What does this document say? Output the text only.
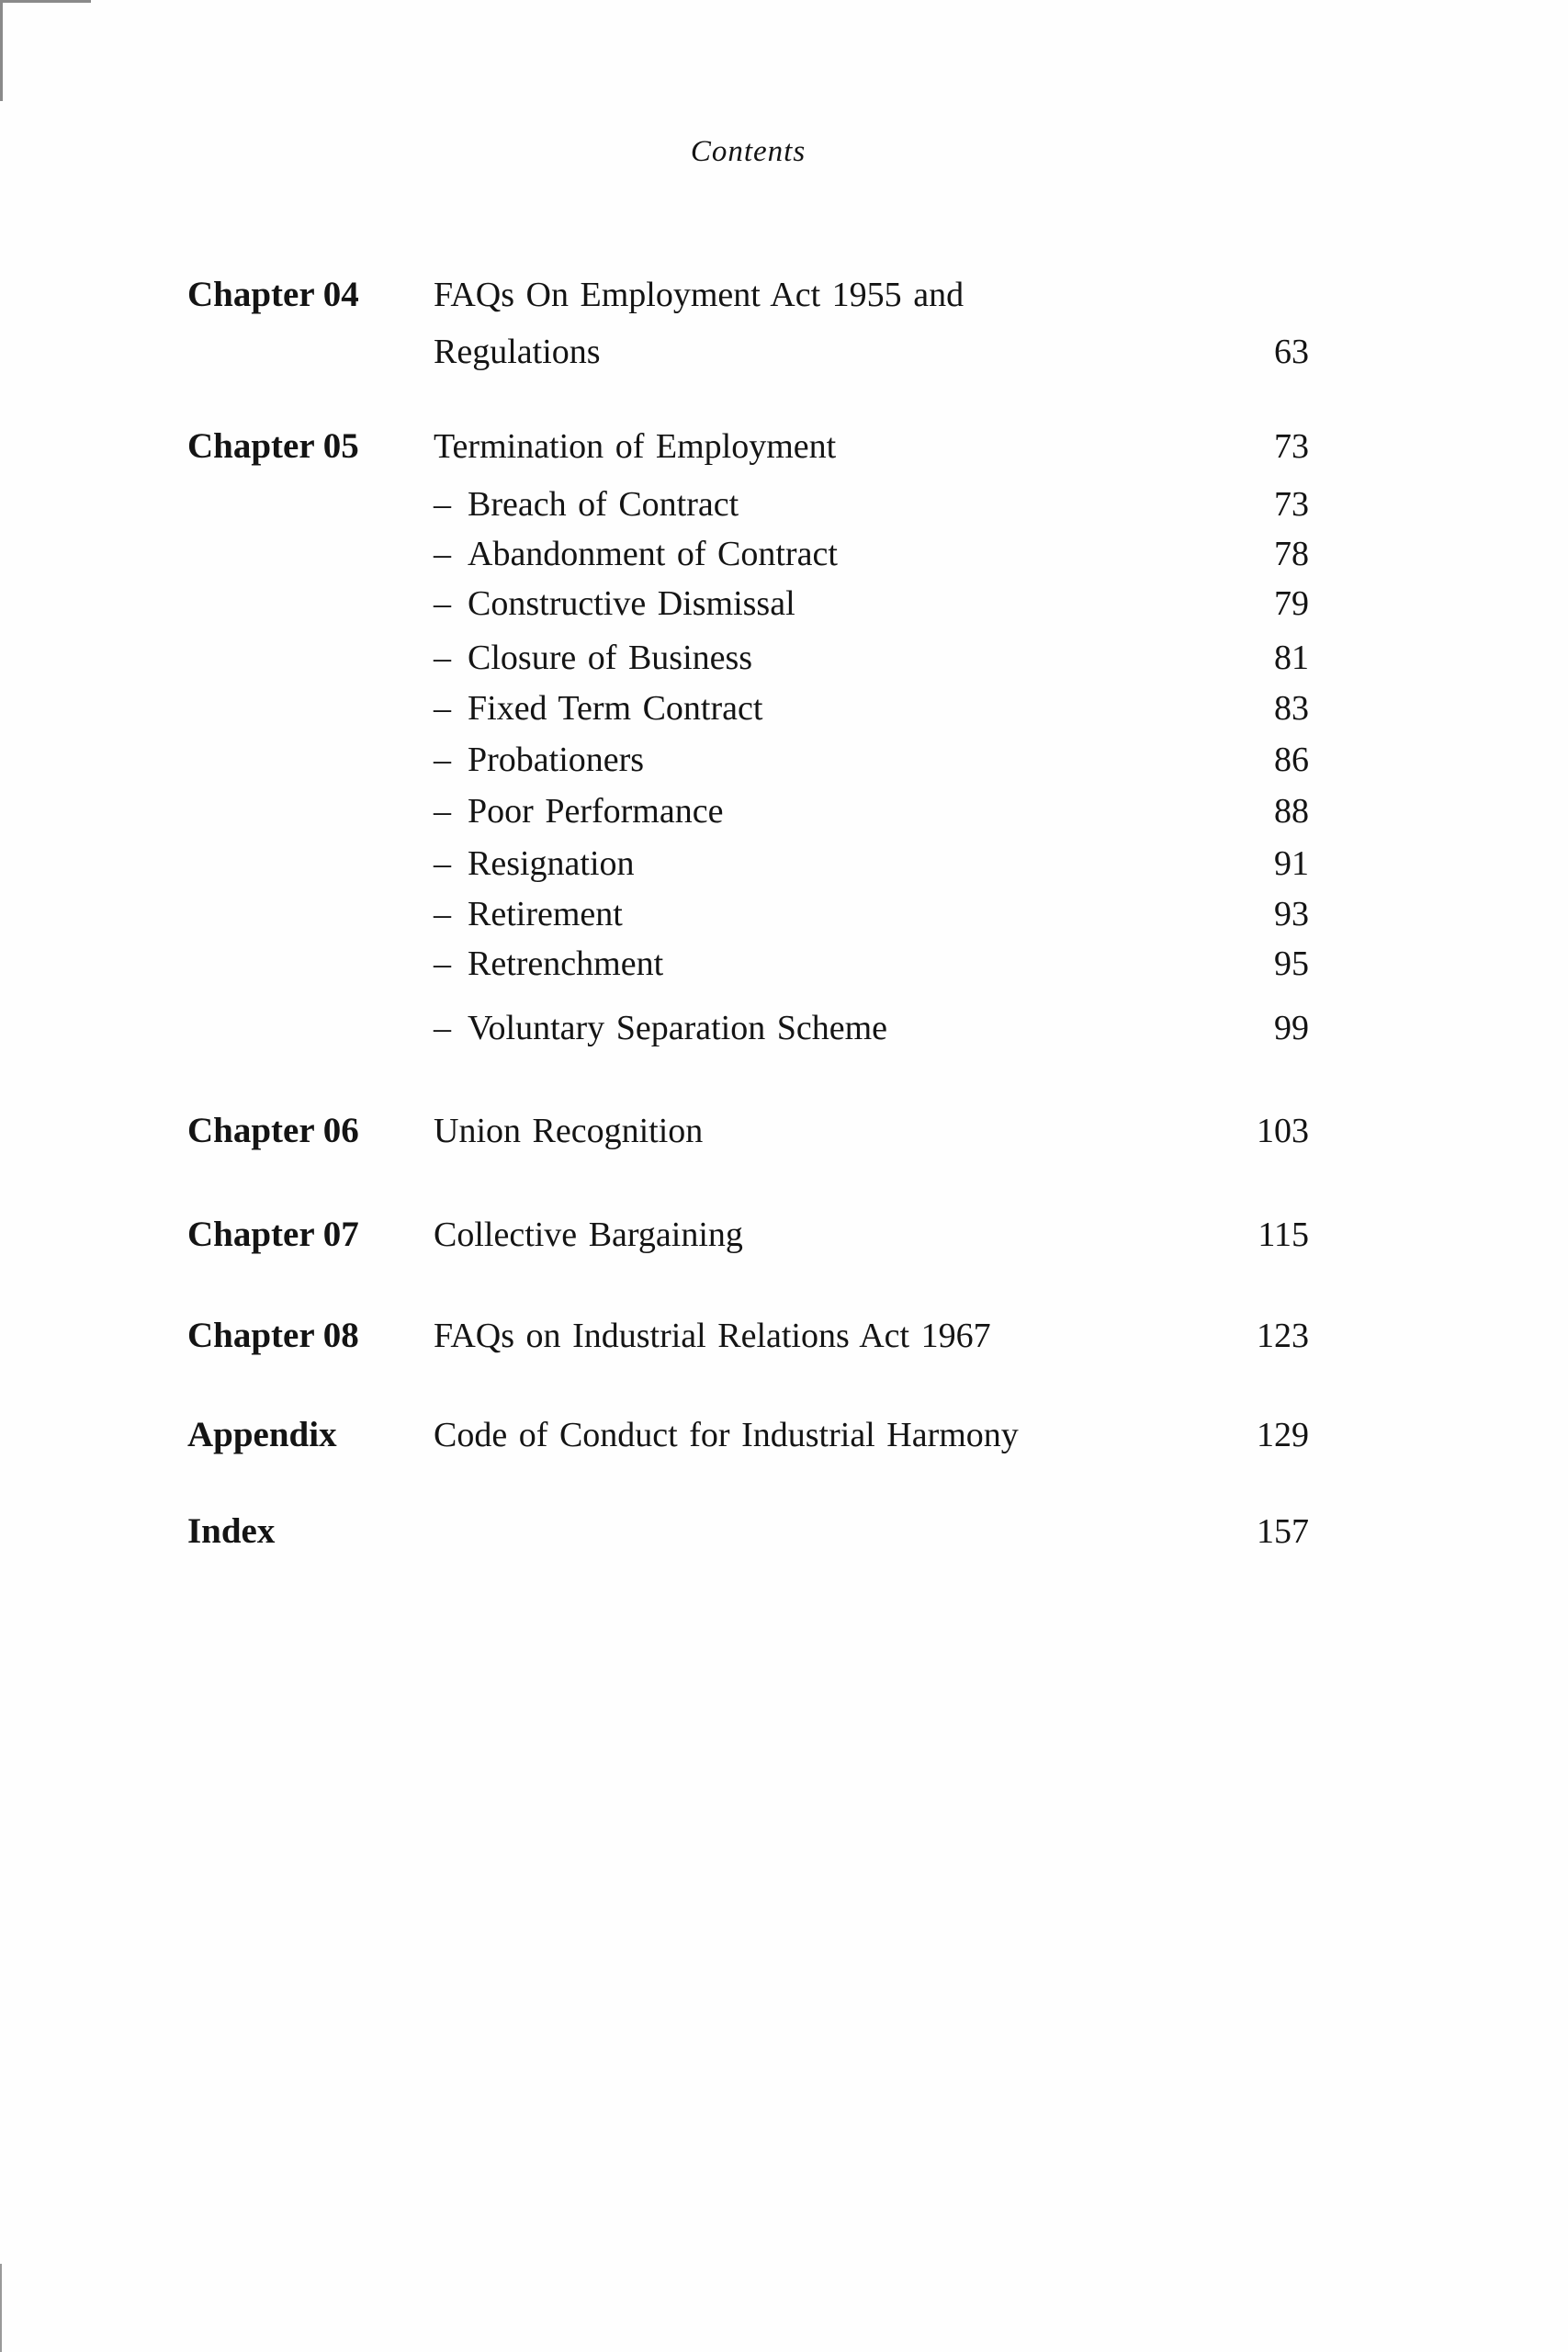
Contents
Chapter 04	FAQs On Employment Act 1955 and
Regulations	63
Chapter 05	Termination of Employment	73
– Breach of Contract	73
– Abandonment of Contract	78
– Constructive Dismissal	79
– Closure of Business	81
– Fixed Term Contract	83
– Probationers	86
– Poor Performance	88
– Resignation	91
– Retirement	93
– Retrenchment	95
– Voluntary Separation Scheme	99
Chapter 06	Union Recognition	103
Chapter 07	Collective Bargaining	115
Chapter 08	FAQs on Industrial Relations Act 1967	123
Appendix	Code of Conduct for Industrial Harmony	129
Index	157
